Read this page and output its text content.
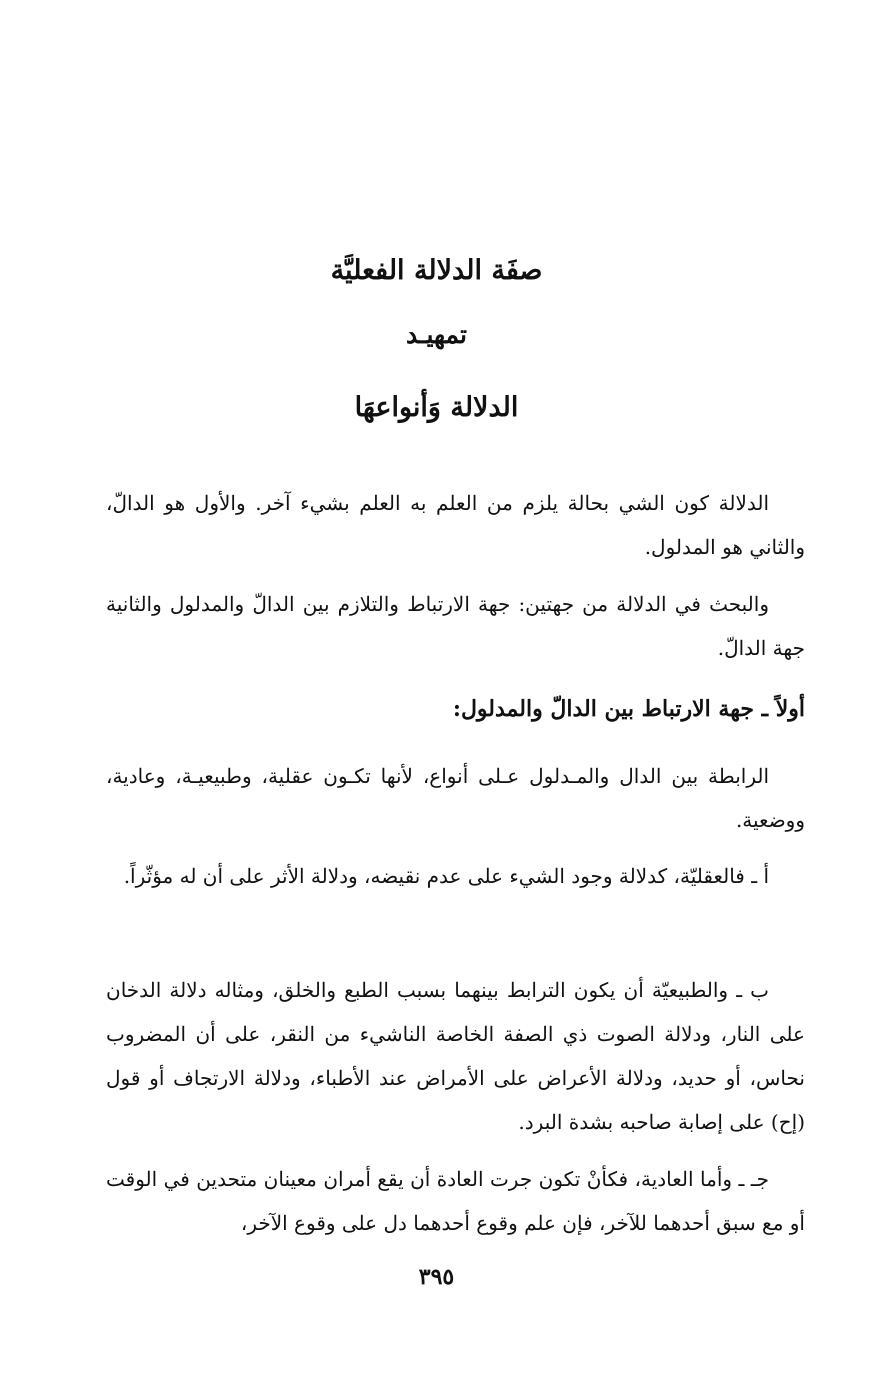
صفَة الدلالة الفعليَّة
تمهيـد
الدلالة وَأنواعهَا

الدلالة كون الشي بحالة يلزم من العلم به العلم بشيء آخر. والأول هو الدالّ، والثاني هو المدلول.

والبحث في الدلالة من جهتين: جهة الارتباط والتلازم بين الدالّ والمدلول والثانية جهة الدالّ.

أولاً ـ جهة الارتباط بين الدالّ والمدلول:

الرابطة بين الدال والمـدلول عـلى أنواع، لأنها تكـون عقلية، وطبيعيـة، وعادية، ووضعية.

أ ـ فالعقليّة، كدلالة وجود الشيء على عدم نقيضه، ودلالة الأثر على أن له مؤثّراً.

ب ـ والطبيعيّة أن يكون الترابط بينهما بسبب الطبع والخلق، ومثاله دلالة الدخان على النار، ودلالة الصوت ذي الصفة الخاصة الناشيء من النقر، على أن المضروب نحاس، أو حديد، ودلالة الأعراض على الأمراض عند الأطباء، ودلالة الارتجاف أو قول (إح) على إصابة صاحبه بشدة البرد.

جـ ـ وأما العادية، فكأنْ تكون جرت العادة أن يقع أمران معينان متحدين في الوقت أو مع سبق أحدهما للآخر، فإن علم وقوع أحدهما دل على وقوع الآخر،

٣٩٥
